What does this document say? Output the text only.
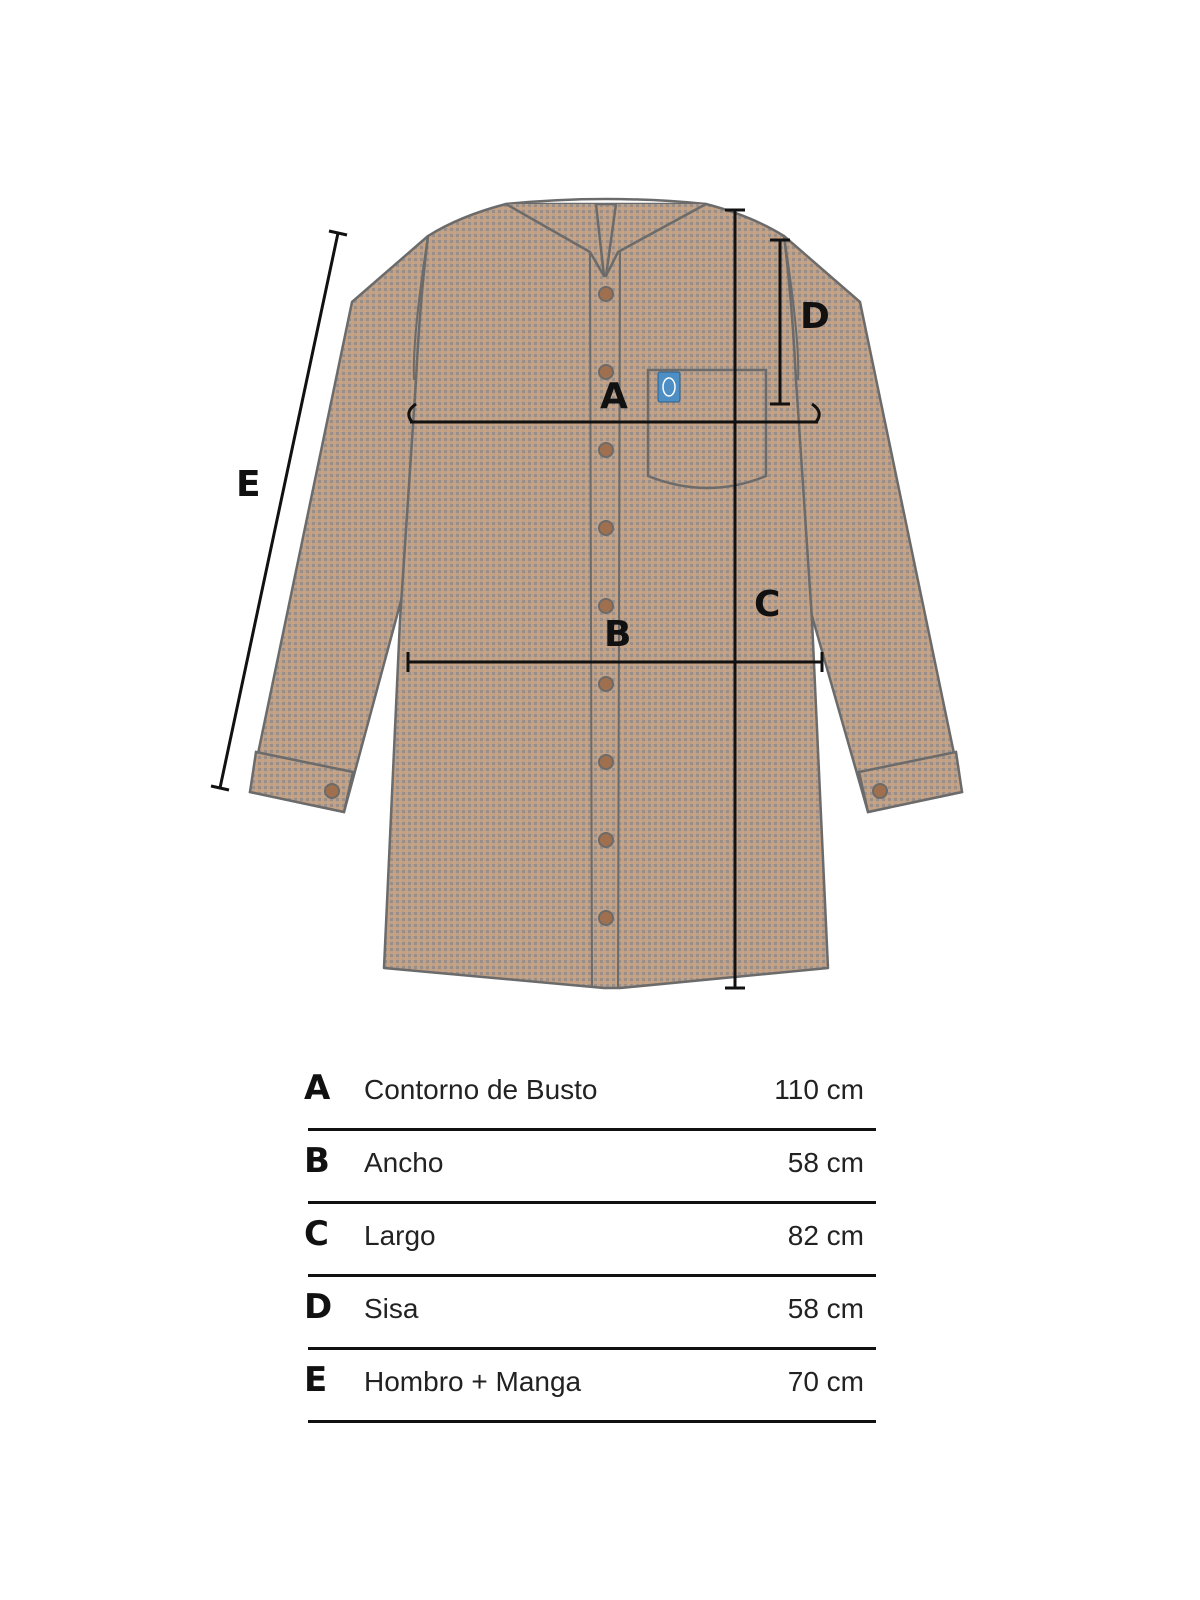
A
B
C
D
E
A Contorno de Busto	110 cm
B Ancho	58 cm
C Largo	82 cm
D Sisa	58 cm
E Hombro + Manga	70 cm
